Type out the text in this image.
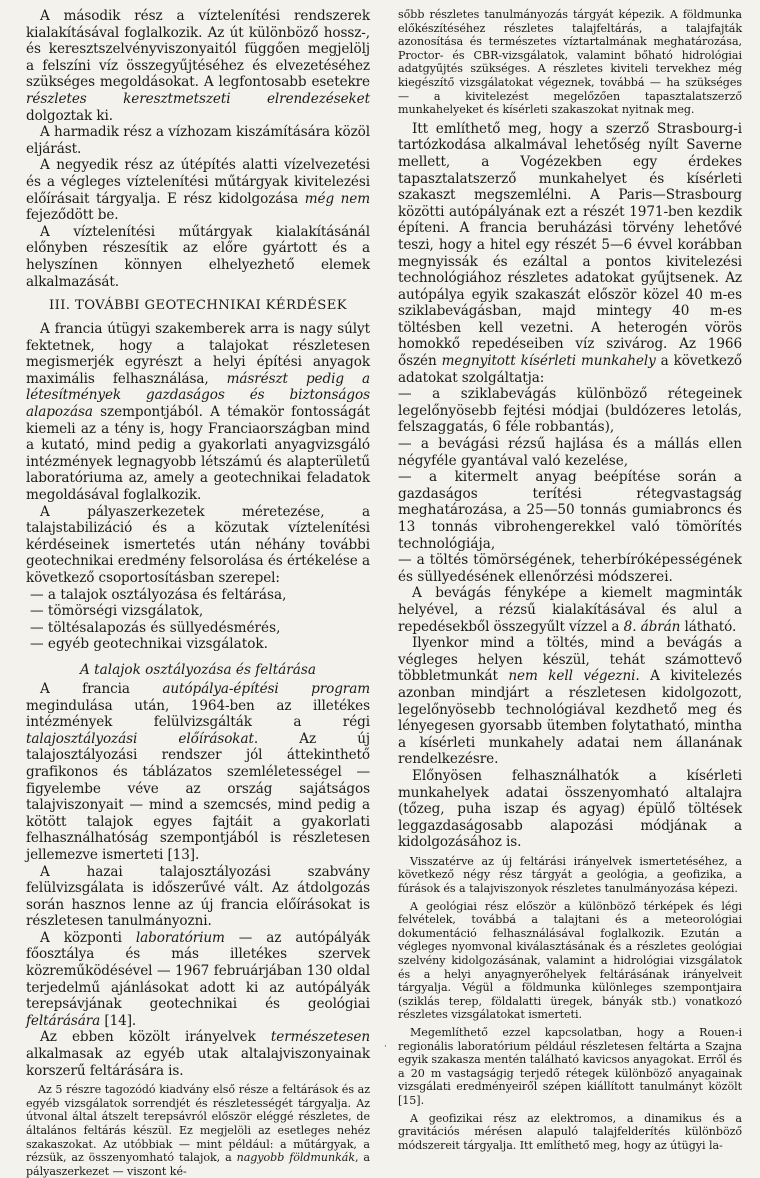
A második rész a víztelenítési rendszerek kialakításával foglalkozik. Az út különböző hossz-, és keresztszelvényviszonyaitól függően megjelölj a felszíni víz összegyűjtéséhez és elvezetéséhez szükséges megoldásokat. A legfontosabb esetekre részletes keresztmetszeti elrendezéseket dolgoztak ki.

A harmadik rész a vízhozam kiszámítására közöl eljárást.

A negyedik rész az útépítés alatti vízelvezetési és a végleges víztelenítési műtárgyak kivitelezési előírásait tárgyalja. E rész kidolgozása még nem fejeződött be.

A víztelenítési műtárgyak kialakításánál előnyben részesítik az előre gyártott és a helyszínen könnyen elhelyezhető elemek alkalmazását.

III. TOVÁBBI GEOTECHNIKAI KÉRDÉSEK

A francia útügyi szakemberek arra is nagy súlyt fektetnek, hogy a talajokat részletesen megismerjék egyrészt a helyi építési anyagok maximális felhasználása, másrészt pedig a létesítmények gazdaságos és biztonságos alapozása szempontjából. A témakör fontosságát kiemeli az a tény is, hogy Franciaországban mind a kutató, mind pedig a gyakorlati anyagvizsgáló intézmények legnagyobb létszámú és alapterületű laboratóriuma az, amely a geotechnikai feladatok megoldásával foglalkozik.

A pályaszerkezetek méretezése, a talajstabilizáció és a közutak víztelenítési kérdéseinek ismertetés után néhány további geotechnikai eredmény felsorolása és értékelése a következő csoportosításban szerepel:

— a talajok osztályozása és feltárása,

— tömörségi vizsgálatok,

— töltésalapozás és süllyedésmérés,

— egyéb geotechnikai vizsgálatok.

A talajok osztályozása és feltárása

A francia autópálya-építési program megindulása után, 1964-ben az illetékes intézmények felülvizsgálták a régi talajosztályozási előírásokat. Az új talajosztályozási rendszer jól áttekinthető grafikonos és táblázatos szemléletességel — figyelembe véve az ország sajátságos talajviszonyait — mind a szemcsés, mind pedig a kötött talajok egyes fajtáit a gyakorlati felhasználhatóság szempontjából is részletesen jellemezve ismerteti [13].

A hazai talajosztályozási szabvány felülvizsgálata is időszerűvé vált. Az átdolgozás során hasznos lenne az új francia előírásokat is részletesen tanulmányozni.

A központi laboratórium — az autópályák főosztálya és más illetékes szervek közreműködésével — 1967 februárjában 130 oldal terjedelmű ajánlásokat adott ki az autópályák terepsávjának geotechnikai és geológiai feltárására [14].

Az ebben közölt irányelvek természetesen alkalmasak az egyéb utak altalajviszonyainak korszerű feltárására is.

Az 5 részre tagozódó kiadvány első része a feltárások és az egyéb vizsgálatok sorrendjét és részletességét tárgyalja. Az útvonal által átszelt terepsávról először eléggé részletes, de általános feltárás készül. Ez megjelöli az esetleges nehéz szakaszokat. Az utóbbiak — mint például: a műtárgyak, a rézsük, az összenyomható talajok, a nagyobb földmunkák, a pályaszerkezet — viszont ké-

sőbb részletes tanulmányozás tárgyát képezik. A földmunka előkészítéséhez részletes talajfeltárás, a talajfajták azonosítása és természetes víztartalmának meghatározása, Proctor- és CBR-vizsgálatok, valamint bőható hidrológiai adatgyűjtés szükséges. A részletes kiviteli tervekhez még kiegészítő vizsgálatokat végeznek, továbbá — ha szükséges — a kivitelezést megelőzően tapasztalatszerző munkahelyeket és kísérleti szakaszokat nyitnak meg.

Itt említhető meg, hogy a szerző Strasbourg-i tartózkodása alkalmával lehetőség nyílt Saverne mellett, a Vogézekben egy érdekes tapasztalatszerző munkahelyet és kísérleti szakaszt megszemlélni. A Paris—Strasbourg közötti autópályának ezt a részét 1971-ben kezdik építeni. A francia beruházási törvény lehetővé teszi, hogy a hitel egy részét 5—6 évvel korábban megnyissák és ezáltal a pontos kivitelezési technológiához részletes adatokat gyűjtsenek. Az autópálya egyik szakaszát először közel 40 m-es sziklabevágásban, majd mintegy 40 m-es töltésben kell vezetni. A heterogén vörös homokkő repedéseiben víz szivárog. Az 1966 őszén megnyitott kísérleti munkahely a következő adatokat szolgáltatja:

— a sziklabevágás különböző rétegeinek legelőnyösebb fejtési módjai (buldózeres letolás, felszaggatás, 6 féle robbantás),

— a bevágási rézsű hajlása és a mállás ellen négyféle gyantával való kezelése,

— a kitermelt anyag beépítése során a gazdaságos terítési rétegvastagság meghatározása, a 25—50 tonnás gumiabroncs és 13 tonnás vibrohengerekkel való tömörítés technológiája,

— a töltés tömörségének, teherbíróképességének és süllyedésének ellenőrzési módszerei.

A bevágás fényképe a kiemelt magminták helyével, a rézsű kialakításával és alul a repedésekből összegyűlt vízzel a 8. ábrán látható.

Ilyenkor mind a töltés, mind a bevágás a végleges helyen készül, tehát számottevő többletmunkát nem kell végezni. A kivitelezés azonban mindjárt a részletesen kidolgozott, legelőnyösebb technológiával kezdhető meg és lényegesen gyorsabb ütemben folytatható, mintha a kísérleti munkahely adatai nem állanának rendelkezésre.

Előnyösen felhasználhatók a kísérleti munkahelyek adatai összenyomható altalajra (tőzeg, puha iszap és agyag) épülő töltések leggazdaságosabb alapozási módjának a kidolgozásához is.

Visszatérve az új feltárási irányelvek ismertetéséhez, a következő négy rész tárgyát a geológia, a geofizika, a fúrások és a talajviszonyok részletes tanulmányozása képezi.

A geológiai rész először a különböző térképek és légi felvételek, továbbá a talajtani és a meteorológiai dokumentáció felhasználásával foglalkozik. Ezután a végleges nyomvonal kiválasztásának és a részletes geológiai szelvény kidolgozásának, valamint a hidrológiai vizsgálatok és a helyi anyagnyerőhelyek feltárásának irányelveit tárgyalja. Végül a földmunka különleges szempontjaira (sziklás terep, földalatti üregek, bányák stb.) vonatkozó részletes vizsgálatokat ismerteti.

Megemlíthető ezzel kapcsolatban, hogy a Rouen-i regionális laboratórium például részletesen feltárta a Szajna egyik szakasza mentén található kavicsos anyagokat. Erről és a 20 m vastagságig terjedő rétegek különböző anyagainak vizsgálati eredményeiről szépen kiállított tanulmányt közölt [15].

A geofizikai rész az elektromos, a dinamikus és a gravitációs mérésen alapuló talajfelderítés különböző módszereit tárgyalja. Itt említhető meg, hogy az útügyi la-

·
